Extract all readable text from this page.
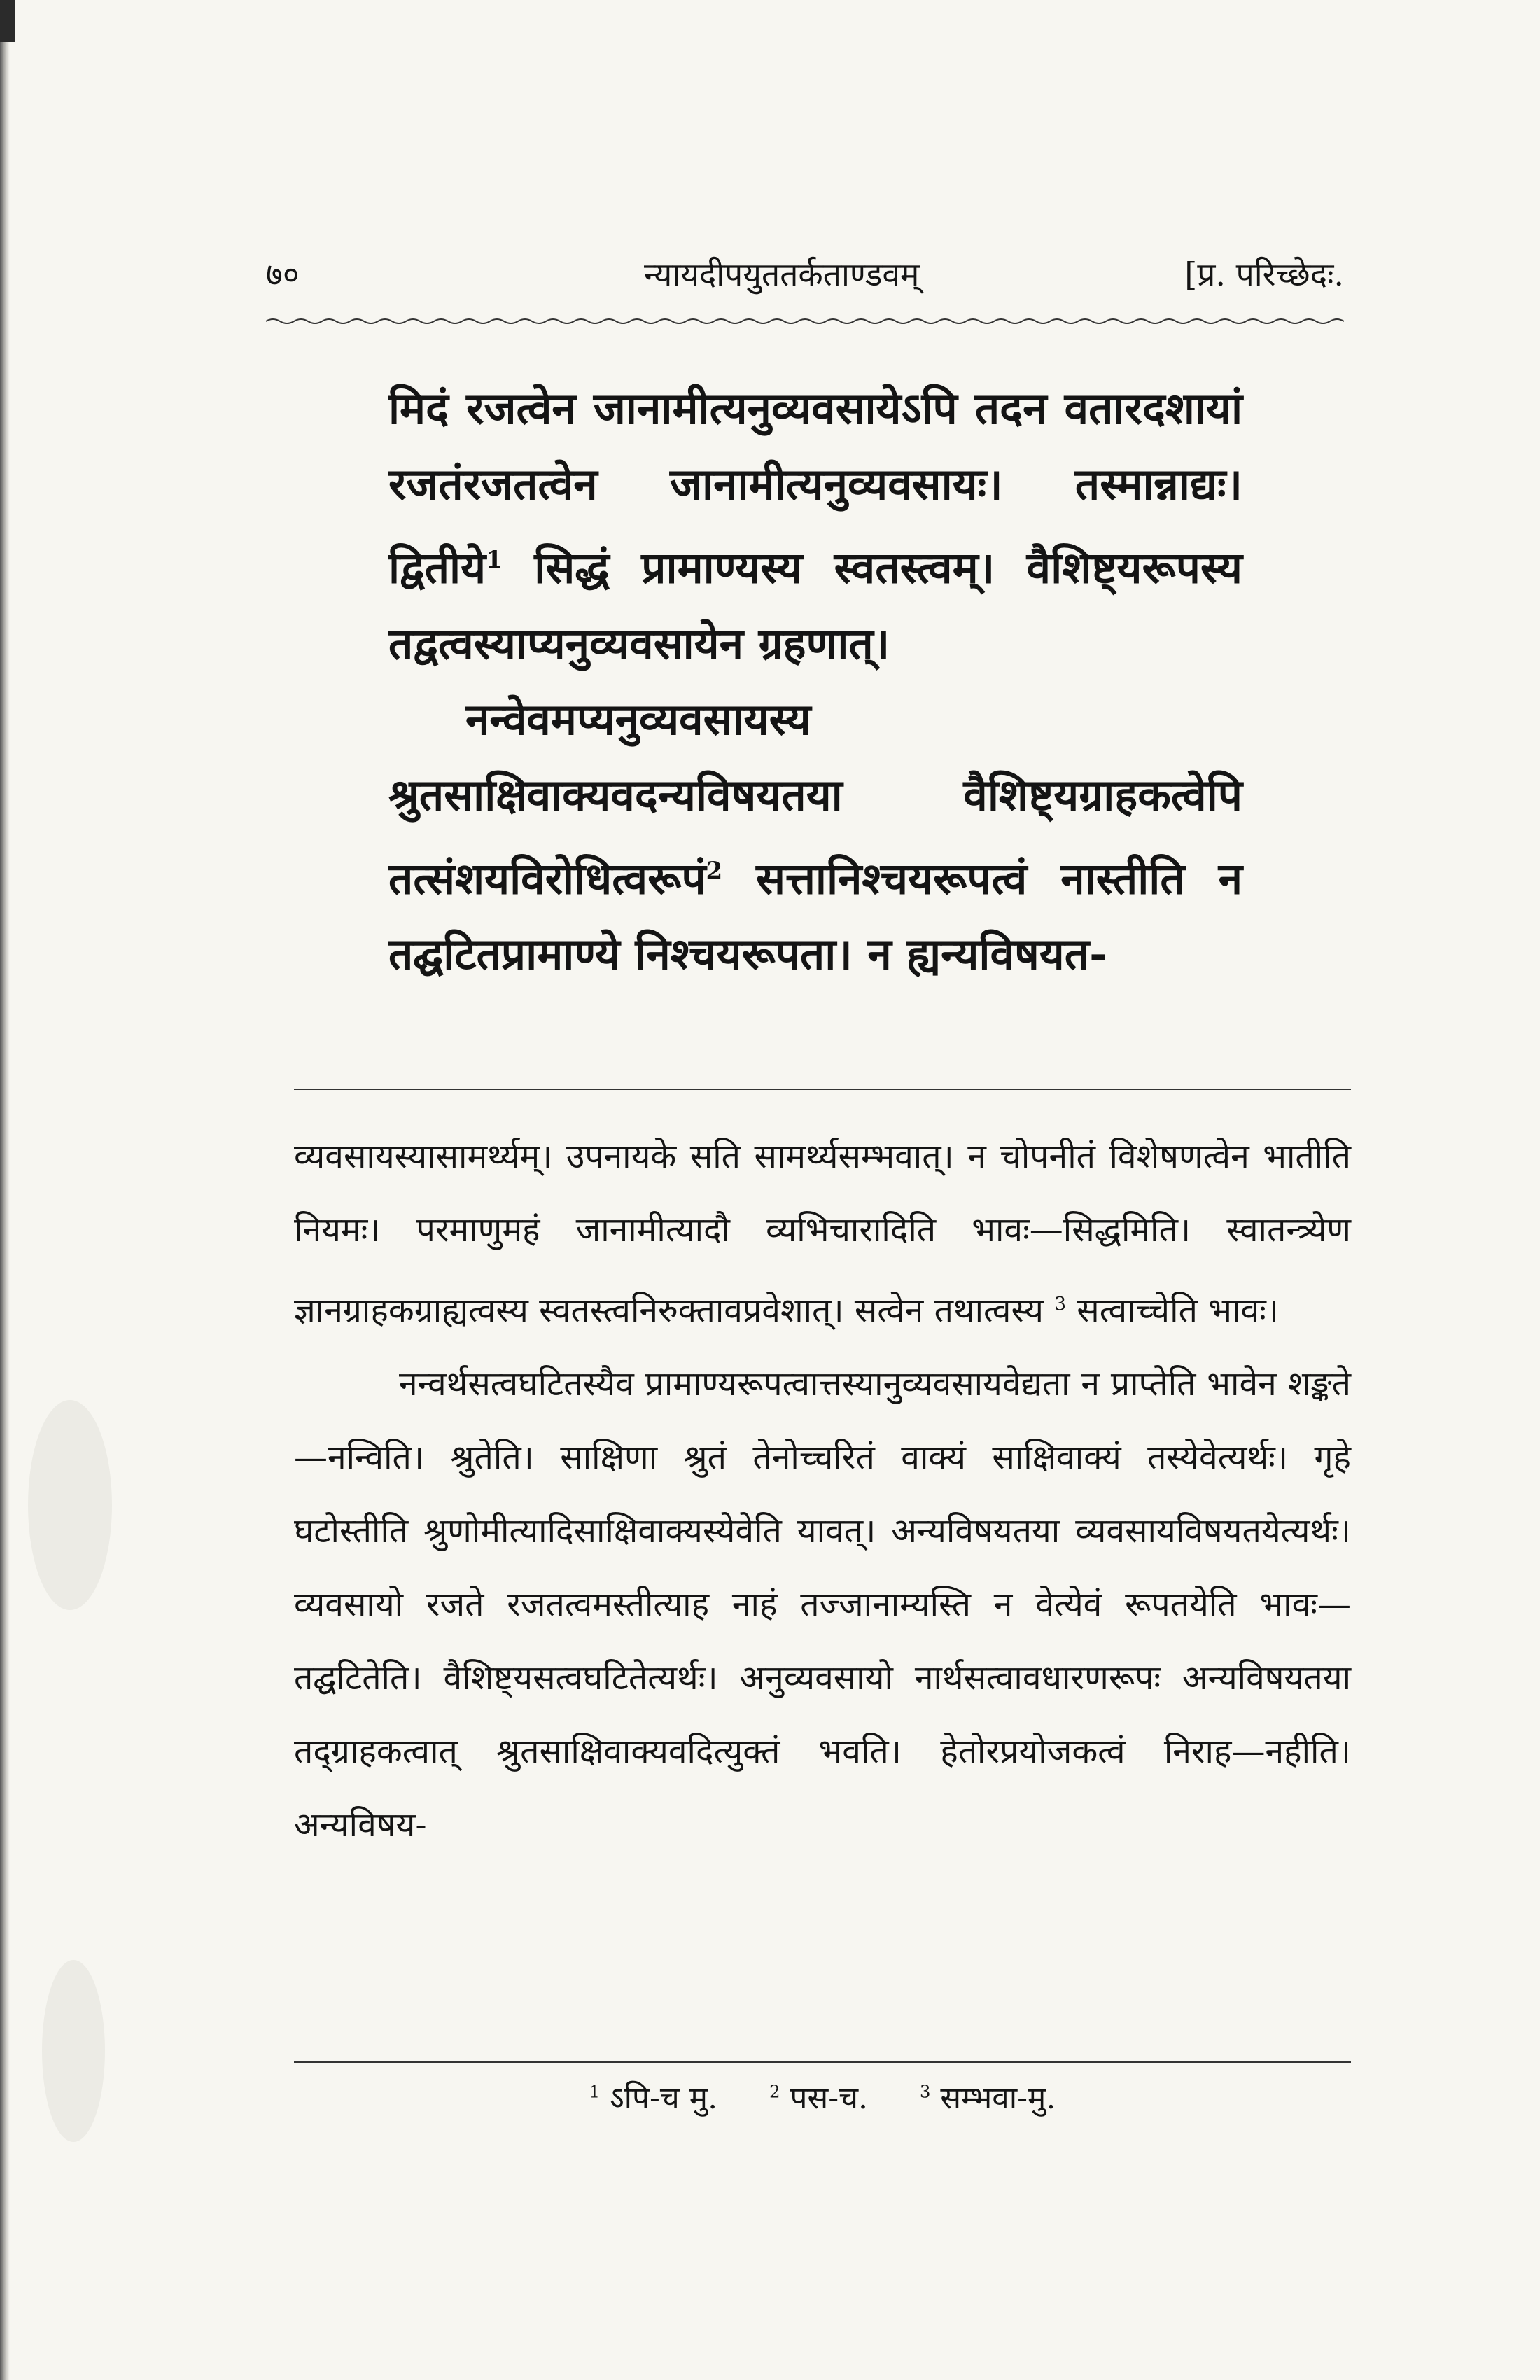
७०	न्यायदीपयुततर्कताण्डवम्	[प्र. परिच्छेदः.

मिदं रजत्वेन जानामीत्यनुव्यवसायेऽपि तदन वतारदशायां रजतंरजतत्वेन जानामीत्यनुव्यवसायः। तस्मान्नाद्यः। द्वितीये$^1$ सिद्धं प्रामाण्यस्य स्वतस्त्वम्। वैशिष्ट्यरूपस्य तद्वत्वस्याप्यनुव्यवसायेन ग्रहणात्।

नन्वेवमप्यनुव्यवसायस्य श्रुतसाक्षिवाक्यवदन्यविषयतया वैशिष्ट्यग्राहकत्वेपि तत्संशयविरोधित्वरूपं$^2$ सत्तानिश्चयरूपत्वं नास्तीति न तद्घटितप्रामाण्ये निश्चयरूपता। न ह्यन्यविषयत-

व्यवसायस्यासामर्थ्यम्। उपनायके सति सामर्थ्यसम्भवात्। न चोपनीतं विशेषणत्वेन भातीति नियमः। परमाणुमहं जानामीत्यादौ व्यभिचारादिति भावः—सिद्धमिति। स्वातन्त्र्येण ज्ञानग्राहकग्राह्यत्वस्य स्वतस्त्वनिरुक्तावप्रवेशात्। सत्वेन तथात्वस्य $^3$ सत्वाच्चेति भावः।

नन्वर्थसत्वघटितस्यैव प्रामाण्यरूपत्वात्तस्यानुव्यवसायवेद्यता न प्राप्तेति भावेन शङ्कते—नन्विति। श्रुतेति। साक्षिणा श्रुतं तेनोच्चरितं वाक्यं साक्षिवाक्यं तस्येवेत्यर्थः। गृहे घटोस्तीति श्रुणोमीत्यादिसाक्षिवाक्यस्येवेति यावत्। अन्यविषयतया व्यवसायविषयतयेत्यर्थः। व्यवसायो रजते रजतत्वमस्तीत्याह नाहं तज्जानाम्यस्ति न वेत्येवं रूपतयेति भावः—तद्घटितेति। वैशिष्ट्यसत्वघटितेत्यर्थः। अनुव्यवसायो नार्थसत्वावधारणरूपः अन्यविषयतया तद्ग्राहकत्वात् श्रुतसाक्षिवाक्यवदित्युक्तं भवति। हेतोरप्रयोजकत्वं निराह—नहीति। अन्यविषय-

$^1$ ऽपि-च मु.	$^2$ पस-च.	$^3$ सम्भवा-मु.
